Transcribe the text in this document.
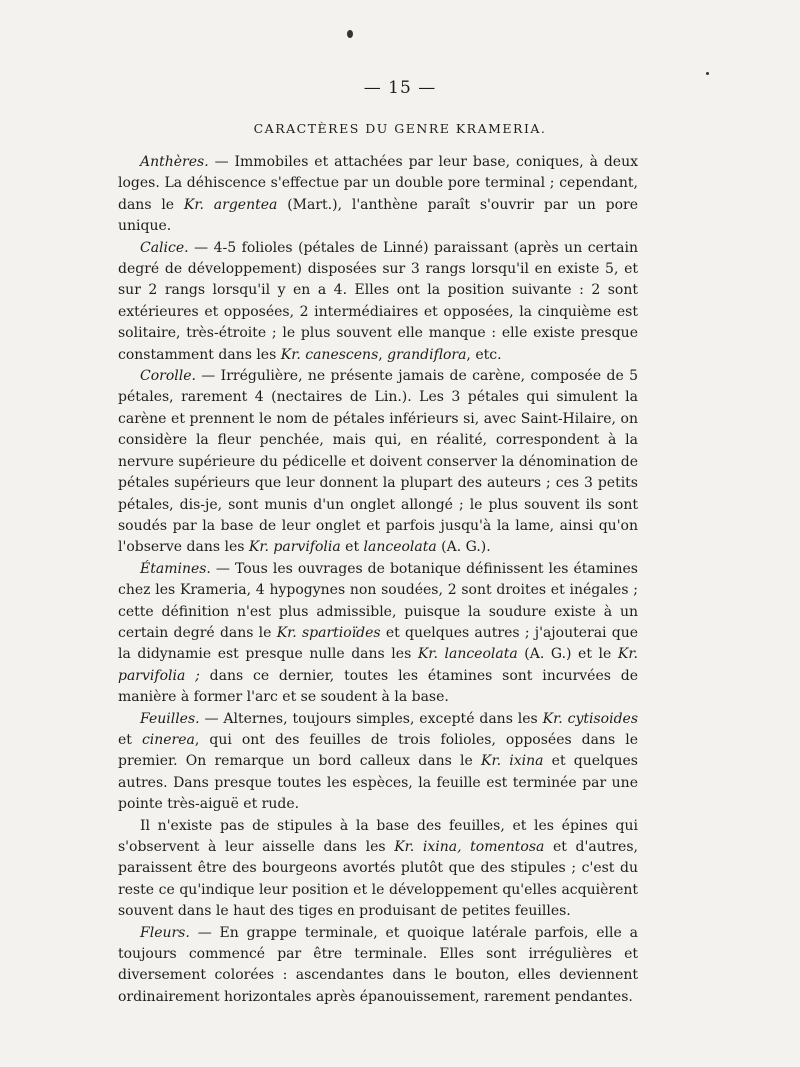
— 15 —
CARACTÈRES DU GENRE KRAMERIA.

Anthères. — Immobiles et attachées par leur base, coniques, à deux loges. La déhiscence s'effectue par un double pore terminal ; cependant, dans le Kr. argentea (Mart.), l'anthène paraît s'ouvrir par un pore unique.

Calice. — 4-5 folioles (pétales de Linné) paraissant (après un certain degré de développement) disposées sur 3 rangs lorsqu'il en existe 5, et sur 2 rangs lorsqu'il y en a 4. Elles ont la position suivante : 2 sont extérieures et opposées, 2 intermédiaires et opposées, la cinquième est solitaire, très-étroite ; le plus souvent elle manque : elle existe presque constamment dans les Kr. canescens, grandiflora, etc.

Corolle. — Irrégulière, ne présente jamais de carène, composée de 5 pétales, rarement 4 (nectaires de Lin.). Les 3 pétales qui simulent la carène et prennent le nom de pétales inférieurs si, avec Saint-Hilaire, on considère la fleur penchée, mais qui, en réalité, correspondent à la nervure supérieure du pédicelle et doivent conserver la dénomination de pétales supérieurs que leur donnent la plupart des auteurs ; ces 3 petits pétales, dis-je, sont munis d'un onglet allongé ; le plus souvent ils sont soudés par la base de leur onglet et parfois jusqu'à la lame, ainsi qu'on l'observe dans les Kr. parvifolia et lanceolata (A. G.).

Étamines. — Tous les ouvrages de botanique définissent les étamines chez les Krameria, 4 hypogynes non soudées, 2 sont droites et inégales ; cette définition n'est plus admissible, puisque la soudure existe à un certain degré dans le Kr. spartioïdes et quelques autres ; j'ajouterai que la didynamie est presque nulle dans les Kr. lanceolata (A. G.) et le Kr. parvifolia ; dans ce dernier, toutes les étamines sont incurvées de manière à former l'arc et se soudent à la base.

Feuilles. — Alternes, toujours simples, excepté dans les Kr. cytisoides et cinerea, qui ont des feuilles de trois folioles, opposées dans le premier. On remarque un bord calleux dans le Kr. ixina et quelques autres. Dans presque toutes les espèces, la feuille est terminée par une pointe très-aiguë et rude.

Il n'existe pas de stipules à la base des feuilles, et les épines qui s'observent à leur aisselle dans les Kr. ixina, tomentosa et d'autres, paraissent être des bourgeons avortés plutôt que des stipules ; c'est du reste ce qu'indique leur position et le développement qu'elles acquièrent souvent dans le haut des tiges en produisant de petites feuilles.

Fleurs. — En grappe terminale, et quoique latérale parfois, elle a toujours commencé par être terminale. Elles sont irrégulières et diversement colorées : ascendantes dans le bouton, elles deviennent ordinairement horizontales après épanouissement, rarement pendantes.
